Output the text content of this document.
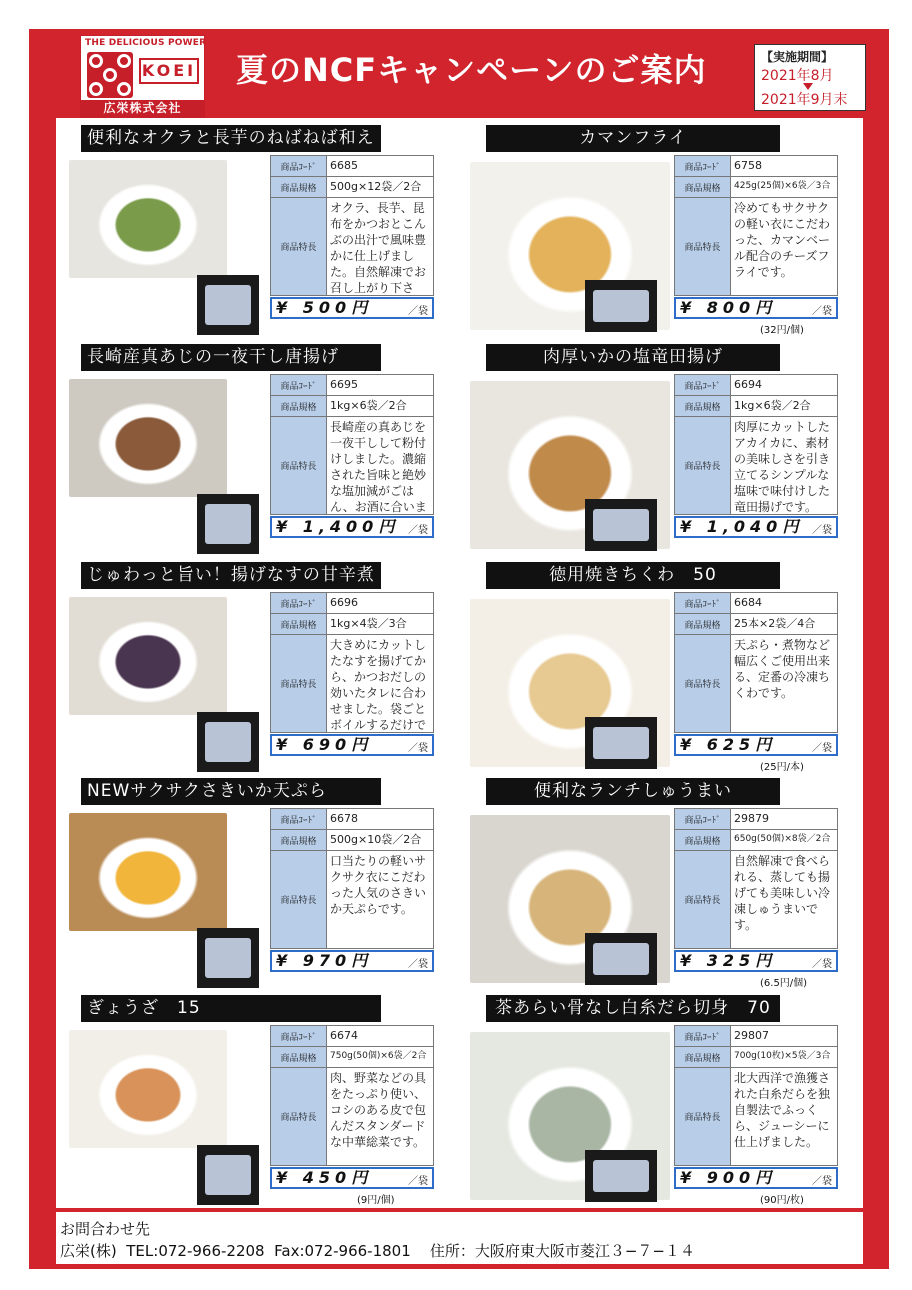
THE DELICIOUS POWER
KOEI
広栄株式会社
夏のNCFキャンペーンのご案内	【実施期間】
2021年8月
2021年9月末
便利なオクラと長芋のねばねば和え
商品ｺｰﾄﾞ	6685
商品規格	500g×12袋／2合
商品特長
オクラ、長芋、昆布をかつおとこんぶの出汁で風味豊かに仕上げました。自然解凍でお召し上がり下さ
¥ 500円	／袋
カマンフライ
商品ｺｰﾄﾞ	6758
商品規格	425g(25個)×6袋／3合
商品特長
冷めてもサクサクの軽い衣にこだわった、カマンベール配合のチーズフライです。
¥ 800円	／袋
(32円/個)
長崎産真あじの一夜干し唐揚げ
商品ｺｰﾄﾞ	6695
商品規格	1kg×6袋／2合
商品特長
長崎産の真あじを一夜干しして粉付けしました。濃縮された旨味と絶妙な塩加減がごはん、お酒に合いま
¥ 1,400円 ／袋
肉厚いかの塩竜田揚げ
商品ｺｰﾄﾞ	6694
商品規格	1kg×6袋／2合
商品特長
肉厚にカットしたアカイカに、素材の美味しさを引き立てるシンプルな塩味で味付けした竜田揚げです。
¥ 1,040円 ／袋
じゅわっと旨い！揚げなすの甘辛煮
商品ｺｰﾄﾞ	6696
商品規格	1kg×4袋／3合
商品特長
大きめにカットしたなすを揚げてから、かつおだしの効いたタレに合わせました。袋ごとボイルするだけで
¥ 690円	／袋
徳用焼きちくわ　50
商品ｺｰﾄﾞ	6684
商品規格	25本×2袋／4合
商品特長
天ぷら・煮物など幅広くご使用出来る、定番の冷凍ちくわです。
¥ 625円	／袋
(25円/本)
NEWサクサクさきいか天ぷら
商品ｺｰﾄﾞ	6678
商品規格	500g×10袋／2合
商品特長
口当たりの軽いサクサク衣にこだわった人気のさきいか天ぷらです。
¥ 970円	／袋
便利なランチしゅうまい
商品ｺｰﾄﾞ	29879
商品規格	650g(50個)×8袋／2合
商品特長
自然解凍で食べられる、蒸しても揚げても美味しい冷凍しゅうまいです。
¥ 325円	／袋
(6.5円/個)
ぎょうざ　15
商品ｺｰﾄﾞ	6674
商品規格	750g(50個)×6袋／2合
商品特長
肉、野菜などの具をたっぷり使い、コシのある皮で包んだスタンダードな中華総菜です。
¥ 450円	／袋
(9円/個)
茶あらい骨なし白糸だら切身　70
商品ｺｰﾄﾞ	29807
商品規格	700g(10枚)×5袋／3合
商品特長
北大西洋で漁獲された白糸だらを独自製法でふっくら、ジューシーに仕上げました。
¥ 900円	／袋
(90円/枚)
お問合わせ先
広栄(株) TEL:072-966-2208 Fax:072-966-1801 住所：大阪府東大阪市菱江３−７−１４
